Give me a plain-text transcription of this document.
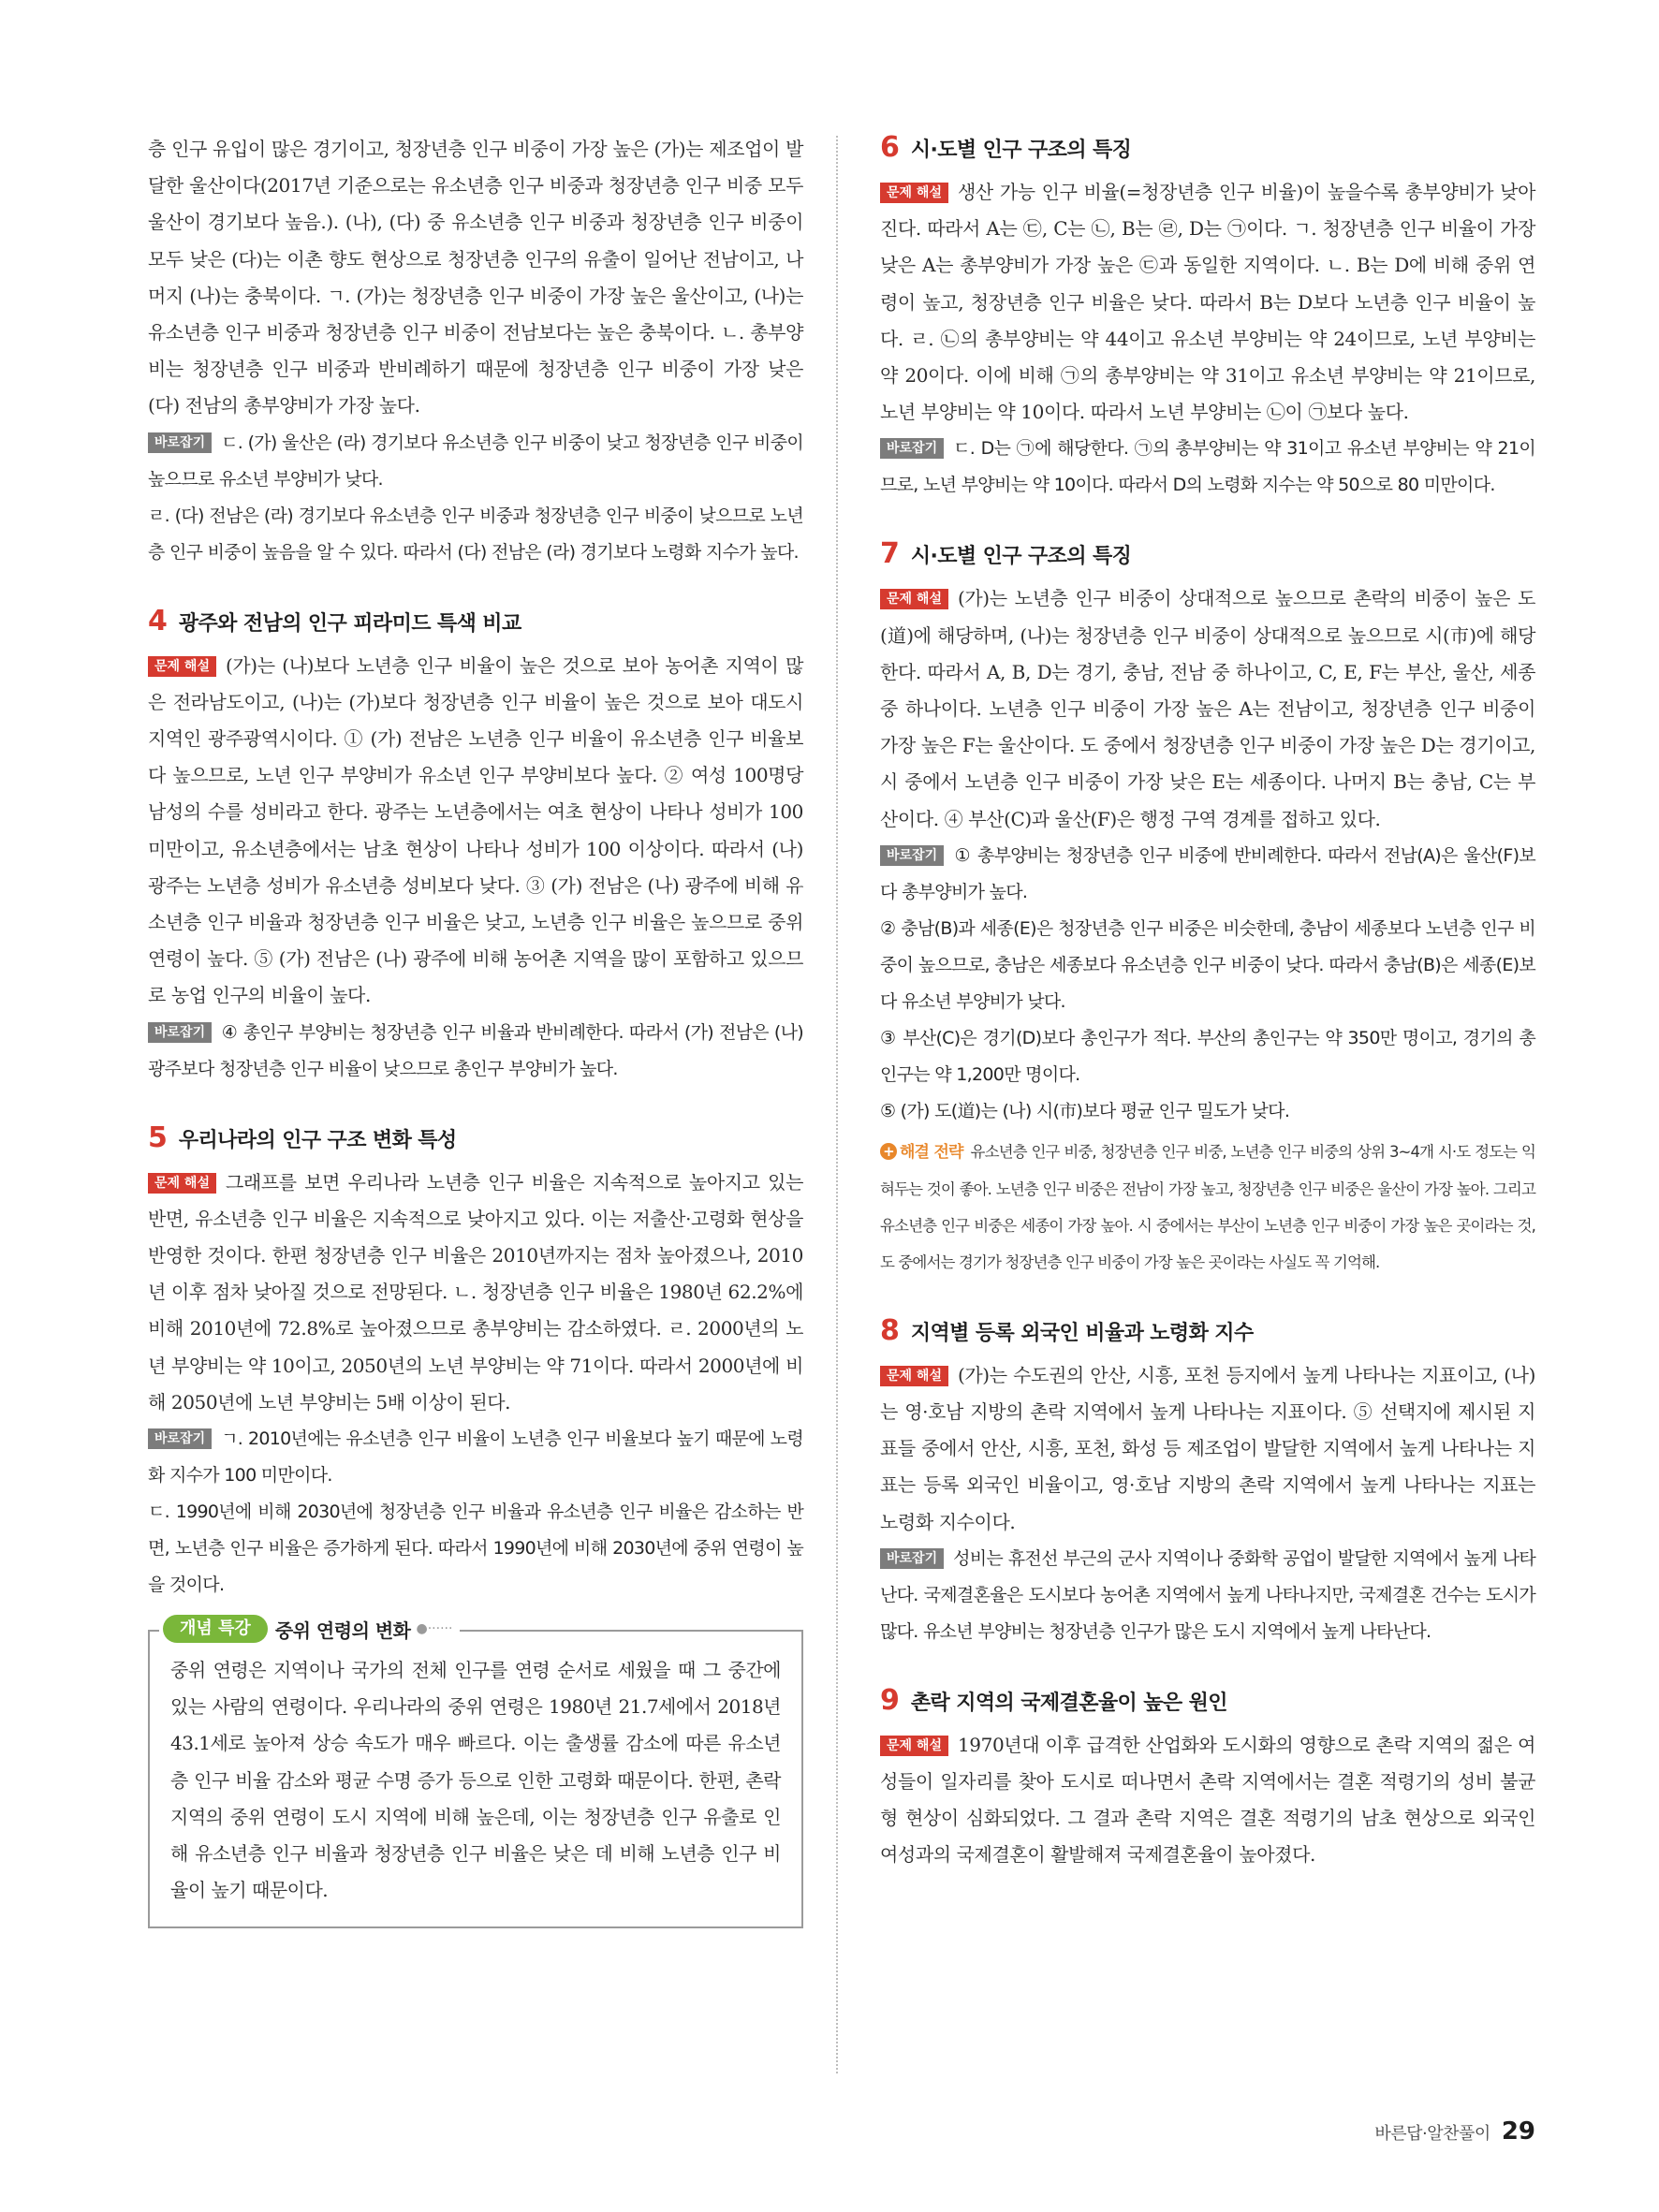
층 인구 유입이 많은 경기이고, 청장년층 인구 비중이 가장 높은 (가)는 제조업이 발달한 울산이다(2017년 기준으로는 유소년층 인구 비중과 청장년층 인구 비중 모두 울산이 경기보다 높음.). (나), (다) 중 유소년층 인구 비중과 청장년층 인구 비중이 모두 낮은 (다)는 이촌 향도 현상으로 청장년층 인구의 유출이 일어난 전남이고, 나머지 (나)는 충북이다. ㄱ. (가)는 청장년층 인구 비중이 가장 높은 울산이고, (나)는 유소년층 인구 비중과 청장년층 인구 비중이 전남보다는 높은 충북이다. ㄴ. 총부양비는 청장년층 인구 비중과 반비례하기 때문에 청장년층 인구 비중이 가장 낮은 (다) 전남의 총부양비가 가장 높다.

바로잡기 ㄷ. (가) 울산은 (라) 경기보다 유소년층 인구 비중이 낮고 청장년층 인구 비중이 높으므로 유소년 부양비가 낮다.

ㄹ. (다) 전남은 (라) 경기보다 유소년층 인구 비중과 청장년층 인구 비중이 낮으므로 노년층 인구 비중이 높음을 알 수 있다. 따라서 (다) 전남은 (라) 경기보다 노령화 지수가 높다.

4 광주와 전남의 인구 피라미드 특색 비교

문제 해설 (가)는 (나)보다 노년층 인구 비율이 높은 것으로 보아 농어촌 지역이 많은 전라남도이고, (나)는 (가)보다 청장년층 인구 비율이 높은 것으로 보아 대도시 지역인 광주광역시이다. ① (가) 전남은 노년층 인구 비율이 유소년층 인구 비율보다 높으므로, 노년 인구 부양비가 유소년 인구 부양비보다 높다. ② 여성 100명당 남성의 수를 성비라고 한다. 광주는 노년층에서는 여초 현상이 나타나 성비가 100 미만이고, 유소년층에서는 남초 현상이 나타나 성비가 100 이상이다. 따라서 (나) 광주는 노년층 성비가 유소년층 성비보다 낮다. ③ (가) 전남은 (나) 광주에 비해 유소년층 인구 비율과 청장년층 인구 비율은 낮고, 노년층 인구 비율은 높으므로 중위 연령이 높다. ⑤ (가) 전남은 (나) 광주에 비해 농어촌 지역을 많이 포함하고 있으므로 농업 인구의 비율이 높다.

바로잡기 ④ 총인구 부양비는 청장년층 인구 비율과 반비례한다. 따라서 (가) 전남은 (나) 광주보다 청장년층 인구 비율이 낮으므로 총인구 부양비가 높다.

5 우리나라의 인구 구조 변화 특성

문제 해설 그래프를 보면 우리나라 노년층 인구 비율은 지속적으로 높아지고 있는 반면, 유소년층 인구 비율은 지속적으로 낮아지고 있다. 이는 저출산·고령화 현상을 반영한 것이다. 한편 청장년층 인구 비율은 2010년까지는 점차 높아졌으나, 2010년 이후 점차 낮아질 것으로 전망된다. ㄴ. 청장년층 인구 비율은 1980년 62.2%에 비해 2010년에 72.8%로 높아졌으므로 총부양비는 감소하였다. ㄹ. 2000년의 노년 부양비는 약 10이고, 2050년의 노년 부양비는 약 71이다. 따라서 2000년에 비해 2050년에 노년 부양비는 5배 이상이 된다.

바로잡기 ㄱ. 2010년에는 유소년층 인구 비율이 노년층 인구 비율보다 높기 때문에 노령화 지수가 100 미만이다.

ㄷ. 1990년에 비해 2030년에 청장년층 인구 비율과 유소년층 인구 비율은 감소하는 반면, 노년층 인구 비율은 증가하게 된다. 따라서 1990년에 비해 2030년에 중위 연령이 높을 것이다.

개념 특강	중위 연령의 변화 ●······

중위 연령은 지역이나 국가의 전체 인구를 연령 순서로 세웠을 때 그 중간에 있는 사람의 연령이다. 우리나라의 중위 연령은 1980년 21.7세에서 2018년 43.1세로 높아져 상승 속도가 매우 빠르다. 이는 출생률 감소에 따른 유소년층 인구 비율 감소와 평균 수명 증가 등으로 인한 고령화 때문이다. 한편, 촌락 지역의 중위 연령이 도시 지역에 비해 높은데, 이는 청장년층 인구 유출로 인해 유소년층 인구 비율과 청장년층 인구 비율은 낮은 데 비해 노년층 인구 비율이 높기 때문이다.

6 시·도별 인구 구조의 특징

문제 해설 생산 가능 인구 비율(=청장년층 인구 비율)이 높을수록 총부양비가 낮아진다. 따라서 A는 ㉢, C는 ㉡, B는 ㉣, D는 ㉠이다. ㄱ. 청장년층 인구 비율이 가장 낮은 A는 총부양비가 가장 높은 ㉢과 동일한 지역이다. ㄴ. B는 D에 비해 중위 연령이 높고, 청장년층 인구 비율은 낮다. 따라서 B는 D보다 노년층 인구 비율이 높다. ㄹ. ㉡의 총부양비는 약 44이고 유소년 부양비는 약 24이므로, 노년 부양비는 약 20이다. 이에 비해 ㉠의 총부양비는 약 31이고 유소년 부양비는 약 21이므로, 노년 부양비는 약 10이다. 따라서 노년 부양비는 ㉡이 ㉠보다 높다.

바로잡기 ㄷ. D는 ㉠에 해당한다. ㉠의 총부양비는 약 31이고 유소년 부양비는 약 21이므로, 노년 부양비는 약 10이다. 따라서 D의 노령화 지수는 약 50으로 80 미만이다.

7 시·도별 인구 구조의 특징

문제 해설 (가)는 노년층 인구 비중이 상대적으로 높으므로 촌락의 비중이 높은 도(道)에 해당하며, (나)는 청장년층 인구 비중이 상대적으로 높으므로 시(市)에 해당한다. 따라서 A, B, D는 경기, 충남, 전남 중 하나이고, C, E, F는 부산, 울산, 세종 중 하나이다. 노년층 인구 비중이 가장 높은 A는 전남이고, 청장년층 인구 비중이 가장 높은 F는 울산이다. 도 중에서 청장년층 인구 비중이 가장 높은 D는 경기이고, 시 중에서 노년층 인구 비중이 가장 낮은 E는 세종이다. 나머지 B는 충남, C는 부산이다. ④ 부산(C)과 울산(F)은 행정 구역 경계를 접하고 있다.

바로잡기 ① 총부양비는 청장년층 인구 비중에 반비례한다. 따라서 전남(A)은 울산(F)보다 총부양비가 높다.

② 충남(B)과 세종(E)은 청장년층 인구 비중은 비슷한데, 충남이 세종보다 노년층 인구 비중이 높으므로, 충남은 세종보다 유소년층 인구 비중이 낮다. 따라서 충남(B)은 세종(E)보다 유소년 부양비가 낮다.

③ 부산(C)은 경기(D)보다 총인구가 적다. 부산의 총인구는 약 350만 명이고, 경기의 총인구는 약 1,200만 명이다.

⑤ (가) 도(道)는 (나) 시(市)보다 평균 인구 밀도가 낮다.

+ 해결 전략 유소년층 인구 비중, 청장년층 인구 비중, 노년층 인구 비중의 상위 3~4개 시·도 정도는 익혀두는 것이 좋아. 노년층 인구 비중은 전남이 가장 높고, 청장년층 인구 비중은 울산이 가장 높아. 그리고 유소년층 인구 비중은 세종이 가장 높아. 시 중에서는 부산이 노년층 인구 비중이 가장 높은 곳이라는 것, 도 중에서는 경기가 청장년층 인구 비중이 가장 높은 곳이라는 사실도 꼭 기억해.

8 지역별 등록 외국인 비율과 노령화 지수

문제 해설 (가)는 수도권의 안산, 시흥, 포천 등지에서 높게 나타나는 지표이고, (나)는 영·호남 지방의 촌락 지역에서 높게 나타나는 지표이다. ⑤ 선택지에 제시된 지표들 중에서 안산, 시흥, 포천, 화성 등 제조업이 발달한 지역에서 높게 나타나는 지표는 등록 외국인 비율이고, 영·호남 지방의 촌락 지역에서 높게 나타나는 지표는 노령화 지수이다.

바로잡기 성비는 휴전선 부근의 군사 지역이나 중화학 공업이 발달한 지역에서 높게 나타난다. 국제결혼율은 도시보다 농어촌 지역에서 높게 나타나지만, 국제결혼 건수는 도시가 많다. 유소년 부양비는 청장년층 인구가 많은 도시 지역에서 높게 나타난다.

9 촌락 지역의 국제결혼율이 높은 원인

문제 해설 1970년대 이후 급격한 산업화와 도시화의 영향으로 촌락 지역의 젊은 여성들이 일자리를 찾아 도시로 떠나면서 촌락 지역에서는 결혼 적령기의 성비 불균형 현상이 심화되었다. 그 결과 촌락 지역은 결혼 적령기의 남초 현상으로 외국인 여성과의 국제결혼이 활발해져 국제결혼율이 높아졌다.

바른답·알찬풀이 29
